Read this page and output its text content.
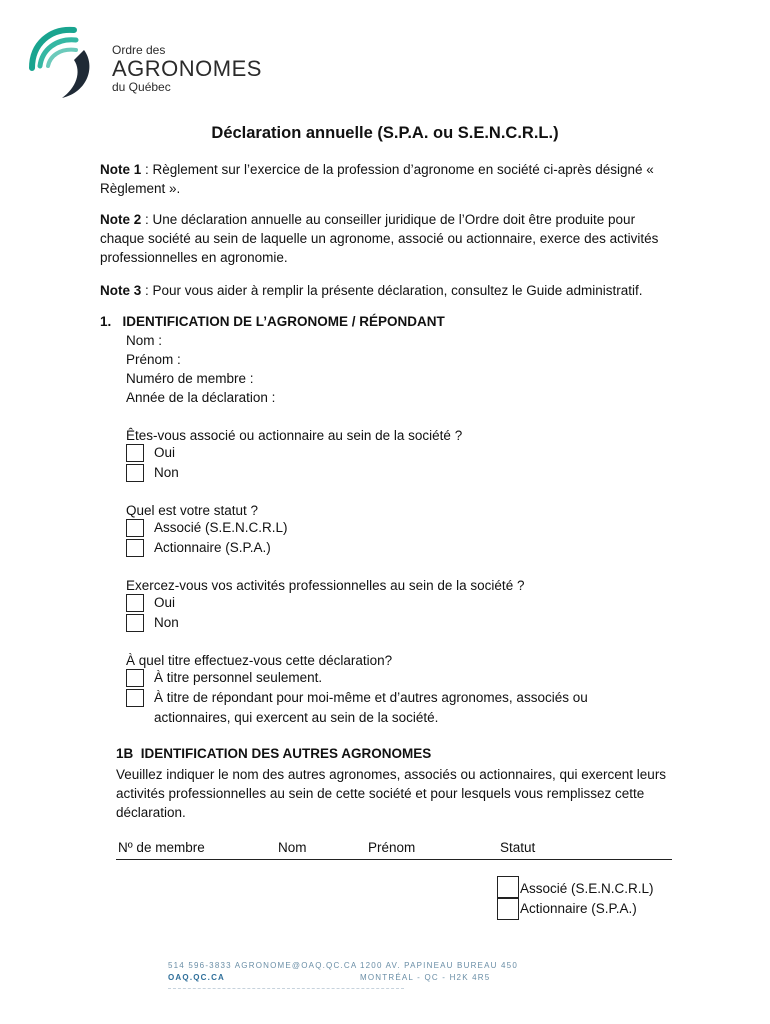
Ordre des
AGRONOMES
du Québec
Déclaration annuelle (S.P.A. ou S.E.N.C.R.L.)
Note 1 : Règlement sur l’exercice de la profession d’agronome en société ci-après désigné « Règlement ».
Note 2 : Une déclaration annuelle au conseiller juridique de l’Ordre doit être produite pour chaque société au sein de laquelle un agronome, associé ou actionnaire, exerce des activités professionnelles en agronomie.
Note 3 : Pour vous aider à remplir la présente déclaration, consultez le Guide administratif.
1.   IDENTIFICATION DE L’AGRONOME / RÉPONDANT
Nom :
Prénom :
Numéro de membre :
Année de la déclaration :
Êtes-vous associé ou actionnaire au sein de la société ?
Oui
Non
Quel est votre statut ?
Associé (S.E.N.C.R.L)
Actionnaire (S.P.A.)
Exercez-vous vos activités professionnelles au sein de la société ?
Oui
Non
À quel titre effectuez-vous cette déclaration?
À titre personnel seulement.
À titre de répondant pour moi-même et d’autres agronomes, associés ou
actionnaires, qui exercent au sein de la société.
1B  IDENTIFICATION DES AUTRES AGRONOMES
Veuillez indiquer le nom des autres agronomes, associés ou actionnaires, qui exercent leurs activités professionnelles au sein de cette société et pour lesquels vous remplissez cette déclaration.
Nº de membre	Nom	Prénom	Statut
Associé (S.E.N.C.R.L)
Actionnaire (S.P.A.)
514 596-3833 AGRONOME@OAQ.QC.CA
OAQ.QC.CA
1200 AV. PAPINEAU BUREAU 450
MONTRÉAL - QC - H2K 4R5
